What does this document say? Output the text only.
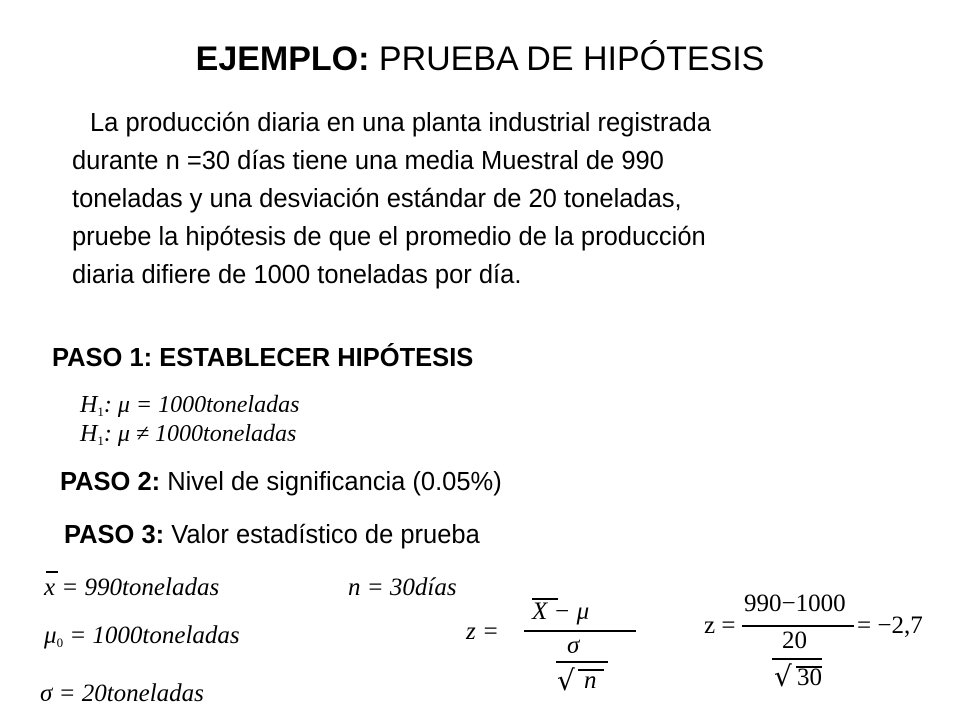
EJEMPLO: PRUEBA DE HIPÓTESIS
La producción diaria en una planta industrial registrada
durante n =30 días tiene una media Muestral de 990
toneladas y una desviación estándar de 20 toneladas,
pruebe la hipótesis de que el promedio de la producción
diaria difiere de 1000 toneladas por día.
PASO 1: ESTABLECER HIPÓTESIS
$H_1$: μ = 1000toneladas
$H_1$: μ ≠ 1000toneladas
PASO 2: Nivel de significancia (0.05%)
PASO 3: Valor estadístico de prueba
x = 990toneladas	n = 30días
$\mu_0$ = 1000toneladas
σ = 20toneladas
z =
X − μ
σ
√ n
z =
990−1000
20
√ 30
= −2,7
